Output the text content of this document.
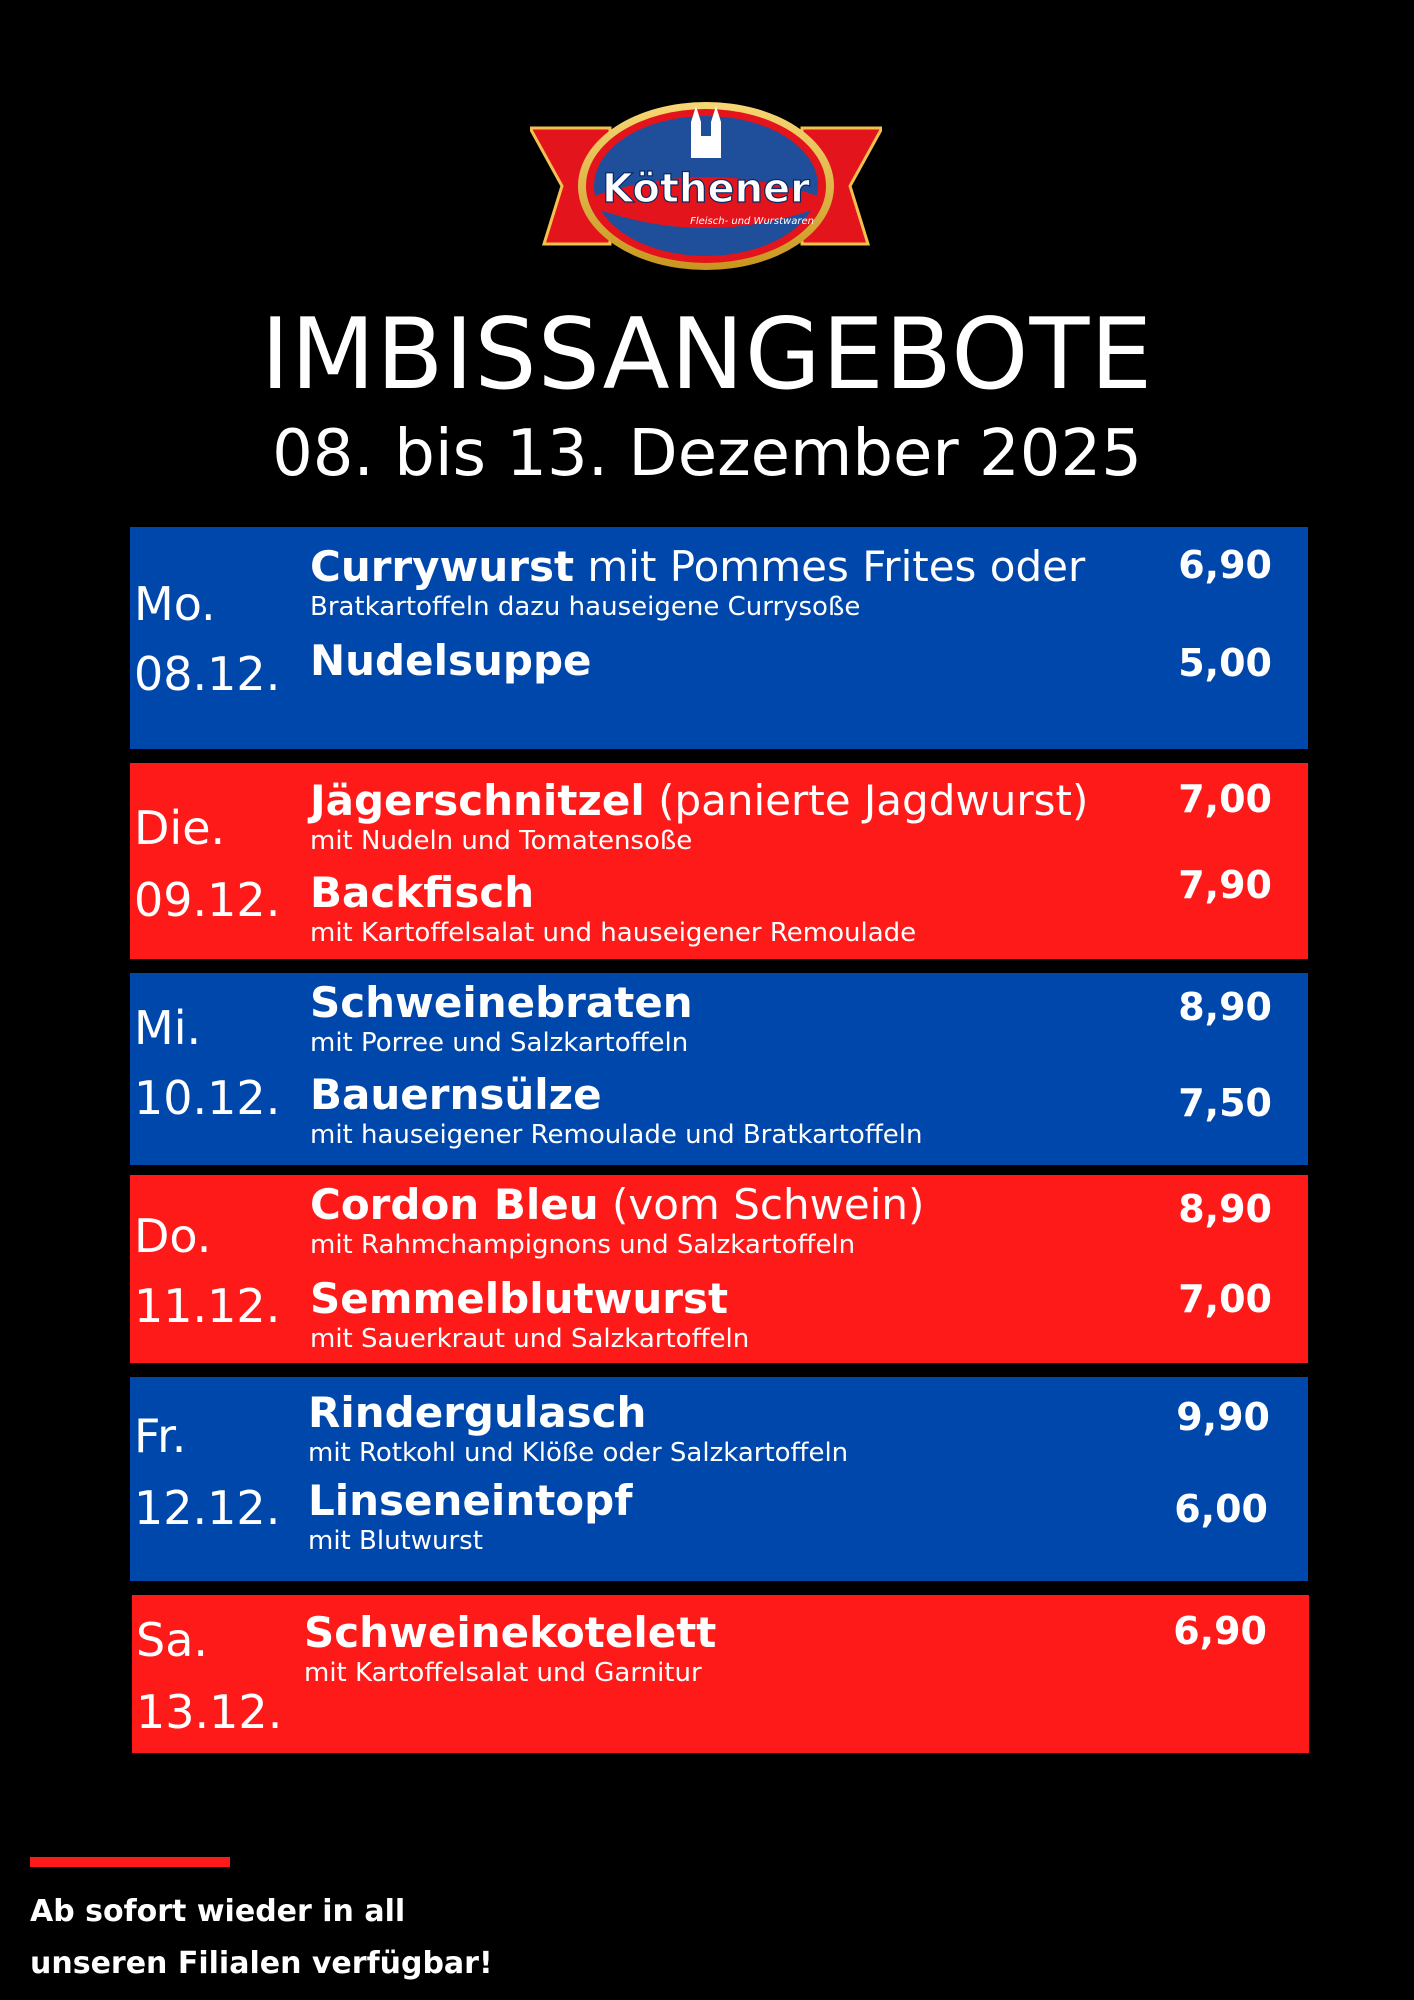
Köthener
Fleisch- und Wurstwaren
IMBISSANGEBOTE
08. bis 13. Dezember 2025
Mo.
08.12.
Currywurst mit Pommes Frites oder
Bratkartoffeln dazu hauseigene Currysoße
6,90
Nudelsuppe	5,00
Die.
09.12.
Jägerschnitzel (panierte Jagdwurst)
mit Nudeln und Tomatensoße
7,00
Backfisch
mit Kartoffelsalat und hauseigener Remoulade
7,90
Mi.
10.12.
Schweinebraten
mit Porree und Salzkartoffeln
8,90
Bauernsülze
mit hauseigener Remoulade und Bratkartoffeln
7,50
Do.
11.12.
Cordon Bleu (vom Schwein)
mit Rahmchampignons und Salzkartoffeln
8,90
Semmelblutwurst
mit Sauerkraut und Salzkartoffeln
7,00
Fr.
12.12.
Rindergulasch
mit Rotkohl und Klöße oder Salzkartoffeln
9,90
Linseneintopf
mit Blutwurst
6,00
Sa.
13.12.
Schweinekotelett
mit Kartoffelsalat und Garnitur
6,90
Ab sofort wieder in all
unseren Filialen verfügbar!
